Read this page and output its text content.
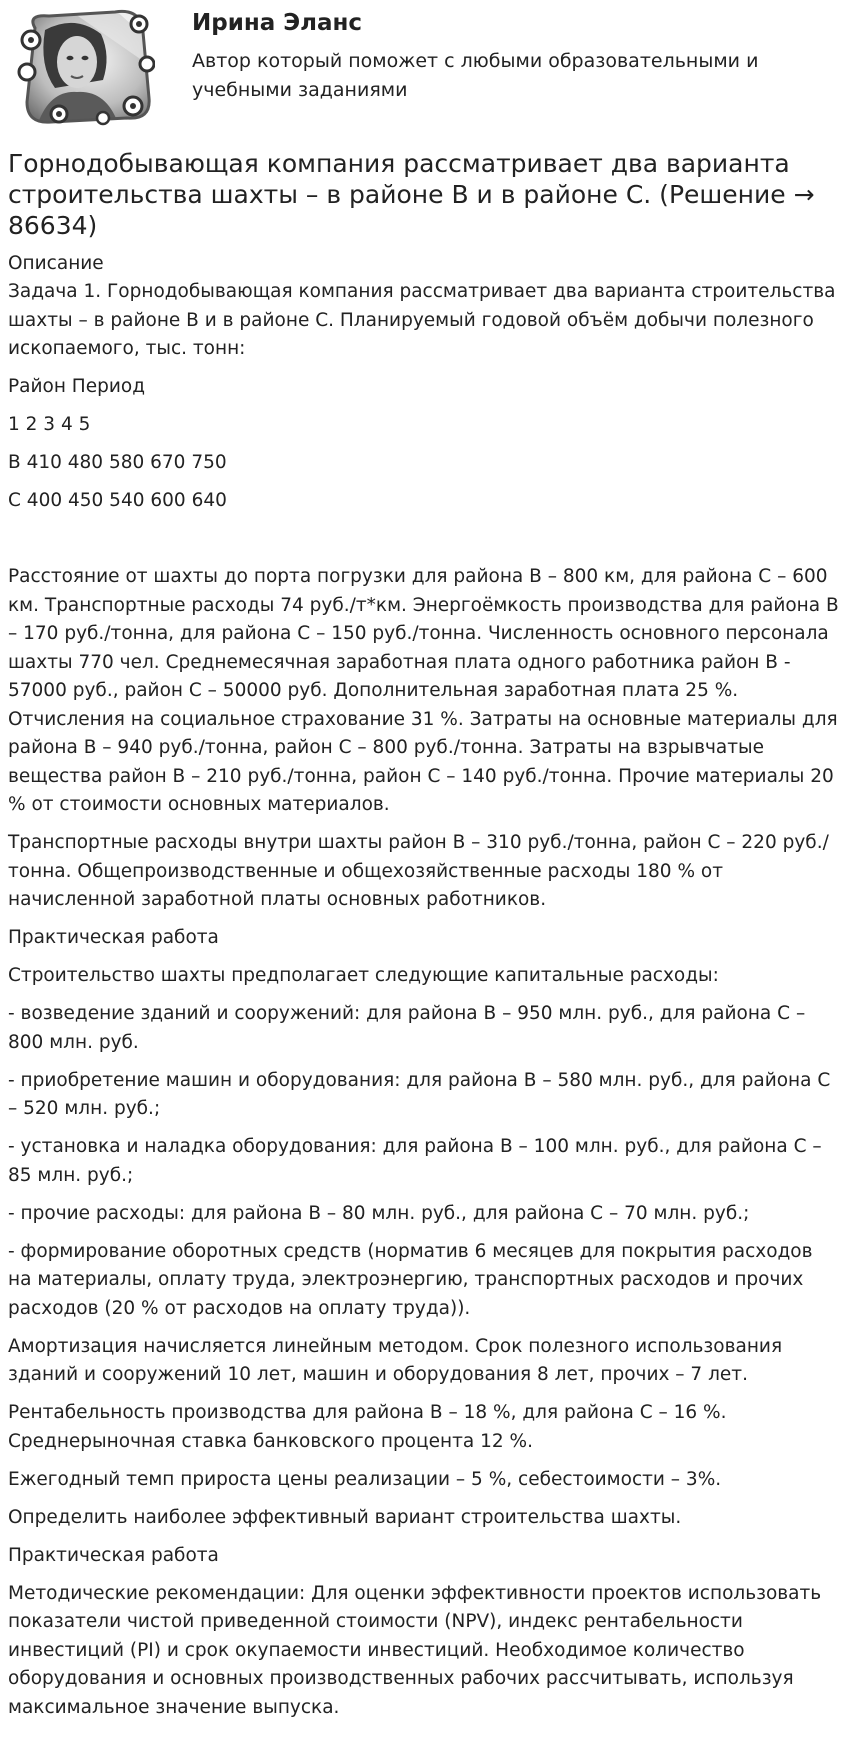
Ирина Эланс

Автор который поможет с любыми образовательными и учебными заданиями

Горнодобывающая компания рассматривает два варианта строительства шахты – в районе В и в районе С. (Решение → 86634)
Описание

Задача 1. Горнодобывающая компания рассматривает два варианта строительства шахты – в районе В и в районе С. Планируемый годовой объём добычи полезного ископаемого, тыс. тонн:

Район Период

1 2 3 4 5

В 410 480 580 670 750

С 400 450 540 600 640

Расстояние от шахты до порта погрузки для района В – 800 км, для района С – 600 км. Транспортные расходы 74 руб./т*км. Энергоёмкость производства для района В – 170 руб./тонна, для района С – 150 руб./тонна. Численность основного персонала шахты 770 чел. Среднемесячная заработная плата одного работника район В - 57000 руб., район С – 50000 руб. Дополнительная заработная плата 25 %. Отчисления на социальное страхование 31 %. Затраты на основные материалы для района В – 940 руб./тонна, район С – 800 руб./тонна. Затраты на взрывчатые вещества район В – 210 руб./тонна, район С – 140 руб./тонна. Прочие материалы 20 % от стоимости основных материалов.

Транспортные расходы внутри шахты район В – 310 руб./тонна, район С – 220 руб./тонна. Общепроизводственные и общехозяйственные расходы 180 % от начисленной заработной платы основных работников.

Практическая работа

Строительство шахты предполагает следующие капитальные расходы:

- возведение зданий и сооружений: для района В – 950 млн. руб., для района С – 800 млн. руб.

- приобретение машин и оборудования: для района В – 580 млн. руб., для района С – 520 млн. руб.;

- установка и наладка оборудования: для района В – 100 млн. руб., для района С – 85 млн. руб.;

- прочие расходы: для района В – 80 млн. руб., для района С – 70 млн. руб.;

- формирование оборотных средств (норматив 6 месяцев для покрытия расходов на материалы, оплату труда, электроэнергию, транспортных расходов и прочих расходов (20 % от расходов на оплату труда)).

Амортизация начисляется линейным методом. Срок полезного использования зданий и сооружений 10 лет, машин и оборудования 8 лет, прочих – 7 лет.

Рентабельность производства для района В – 18 %, для района С – 16 %. Среднерыночная ставка банковского процента 12 %.

Ежегодный темп прироста цены реализации – 5 %, себестоимости – 3%.

Определить наиболее эффективный вариант строительства шахты.

Практическая работа

Методические рекомендации: Для оценки эффективности проектов использовать показатели чистой приведенной стоимости (NPV), индекс рентабельности инвестиций (PI) и срок окупаемости инвестиций. Необходимое количество оборудования и основных производственных рабочих рассчитывать, используя максимальное значение выпуска.
